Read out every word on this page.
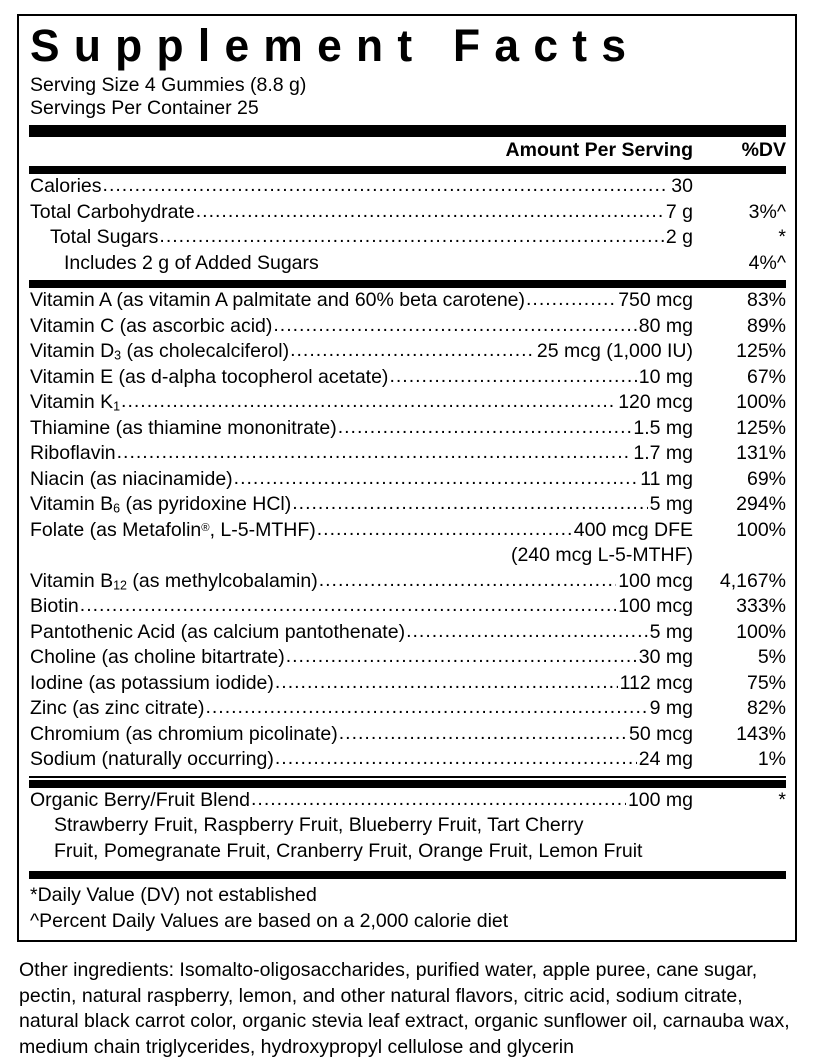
Supplement Facts
Serving Size 4 Gummies (8.8 g)
Servings Per Container 25
Amount Per Serving	%DV
Calories .....	30
Total Carbohydrate .....	7 g	3%^
Total Sugars .....	2 g	*
Includes 2 g of Added Sugars	4%^
Vitamin A (as vitamin A palmitate and 60% beta carotene) .....	750 mcg	83%
Vitamin C (as ascorbic acid) .....	80 mg	89%
Vitamin $D_3$ (as cholecalciferol) .....	25 mcg (1,000 IU)	125%
Vitamin E (as d-alpha tocopherol acetate) .....	10 mg	67%
Vitamin $K_1$ .....	120 mcg	100%
Thiamine (as thiamine mononitrate) .....	1.5 mg	125%
Riboflavin .....	1.7 mg	131%
Niacin (as niacinamide) .....	11 mg	69%
Vitamin $B_6$ (as pyridoxine HCl) .....	5 mg	294%
Folate (as Metafolin®, L-5-MTHF) .....	400 mcg DFE	100%
(240 mcg L-5-MTHF)
Vitamin $B_{12}$ (as methylcobalamin) .....	100 mcg	4,167%
Biotin .....	100 mcg	333%
Pantothenic Acid (as calcium pantothenate) .....	5 mg	100%
Choline (as choline bitartrate) .....	30 mg	5%
Iodine (as potassium iodide) .....	112 mcg	75%
Zinc (as zinc citrate) .....	9 mg	82%
Chromium (as chromium picolinate) .....	50 mcg	143%
Sodium (naturally occurring) .....	24 mg	1%
Organic Berry/Fruit Blend .....	100 mg	*
Strawberry Fruit, Raspberry Fruit, Blueberry Fruit, Tart Cherry
Fruit, Pomegranate Fruit, Cranberry Fruit, Orange Fruit, Lemon Fruit
*Daily Value (DV) not established
^Percent Daily Values are based on a 2,000 calorie diet
Other ingredients: Isomalto-oligosaccharides, purified water, apple puree, cane sugar, pectin, natural raspberry, lemon, and other natural flavors, citric acid, sodium citrate, natural black carrot color, organic stevia leaf extract, organic sunflower oil, carnauba wax, medium chain triglycerides, hydroxypropyl cellulose and glycerin
